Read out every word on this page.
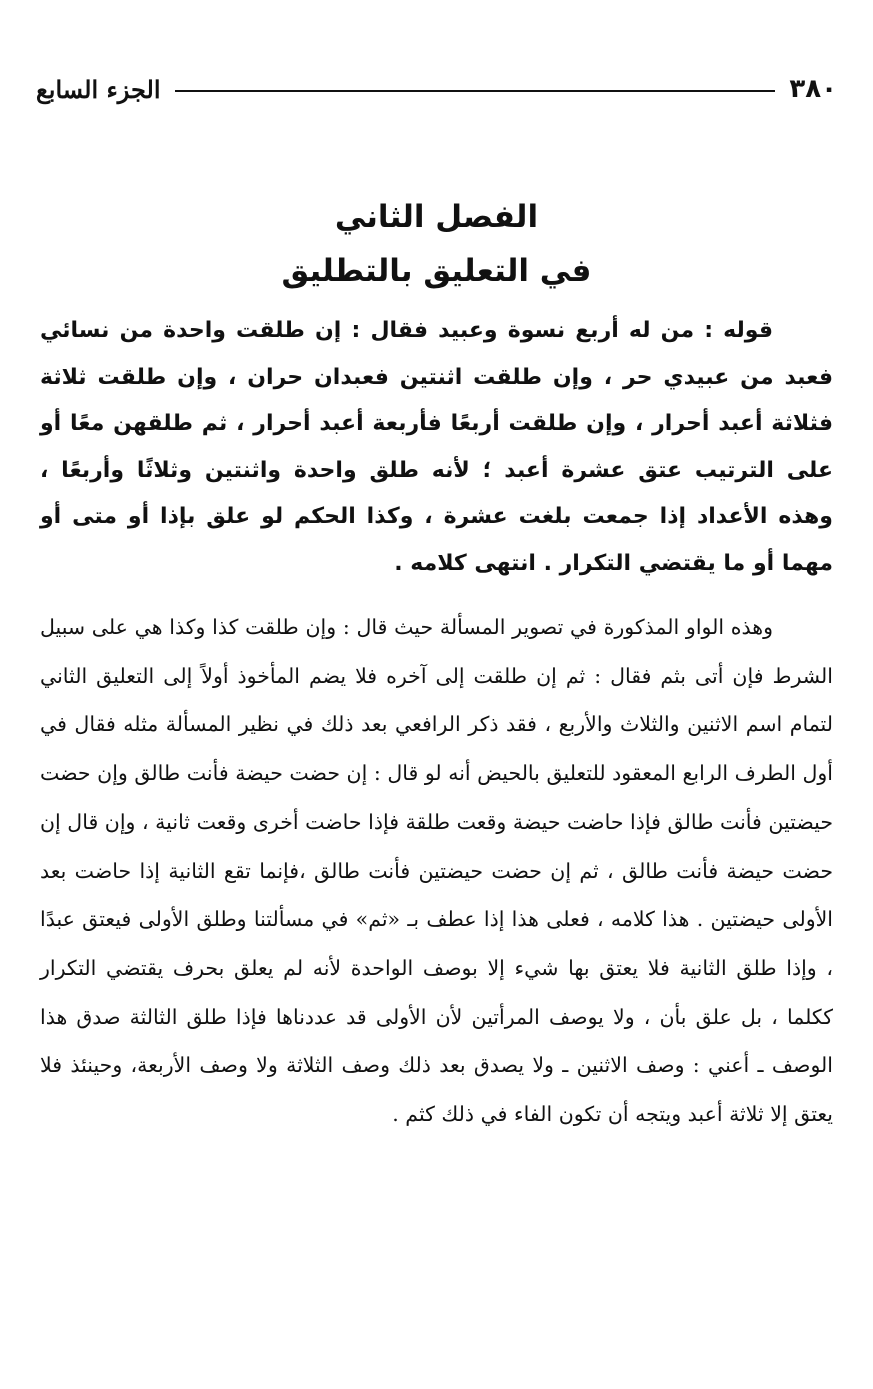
٣٨٠
الجزء السابع
الفصل الثاني
في التعليق بالتطليق

قوله : من له أربع نسوة وعبيد فقال : إن طلقت واحدة من نسائي فعبد من عبيدي حر ، وإن طلقت اثنتين فعبدان حران ، وإن طلقت ثلاثة فثلاثة أعبد أحرار ، وإن طلقت أربعًا فأربعة أعبد أحرار ، ثم طلقهن معًا أو على الترتيب عتق عشرة أعبد ؛ لأنه طلق واحدة واثنتين وثلاثًا وأربعًا ، وهذه الأعداد إذا جمعت بلغت عشرة ، وكذا الحكم لو علق بإذا أو متى أو مهما أو ما يقتضي التكرار . انتهى كلامه .

وهذه الواو المذكورة في تصوير المسألة حيث قال : وإن طلقت كذا وكذا هي على سبيل الشرط فإن أتى بثم فقال : ثم إن طلقت إلى آخره فلا يضم المأخوذ أولاً إلى التعليق الثاني لتمام اسم الاثنين والثلاث والأربع ، فقد ذكر الرافعي بعد ذلك في نظير المسألة مثله فقال في أول الطرف الرابع المعقود للتعليق بالحيض أنه لو قال : إن حضت حيضة فأنت طالق وإن حضت حيضتين فأنت طالق فإذا حاضت حيضة وقعت طلقة فإذا حاضت أخرى وقعت ثانية ، وإن قال إن حضت حيضة فأنت طالق ، ثم إن حضت حيضتين فأنت طالق ،فإنما تقع الثانية إذا حاضت بعد الأولى حيضتين . هذا كلامه ، فعلى هذا إذا عطف بـ «ثم» في مسألتنا وطلق الأولى فيعتق عبدًا ، وإذا طلق الثانية فلا يعتق بها شيء إلا بوصف الواحدة لأنه لم يعلق بحرف يقتضي التكرار ككلما ، بل علق بأن ، ولا يوصف المرأتين لأن الأولى قد عددناها فإذا طلق الثالثة صدق هذا الوصف ـ أعني : وصف الاثنين ـ ولا يصدق بعد ذلك وصف الثلاثة ولا وصف الأربعة، وحينئذ فلا يعتق إلا ثلاثة أعبد ويتجه أن تكون الفاء في ذلك كثم .
